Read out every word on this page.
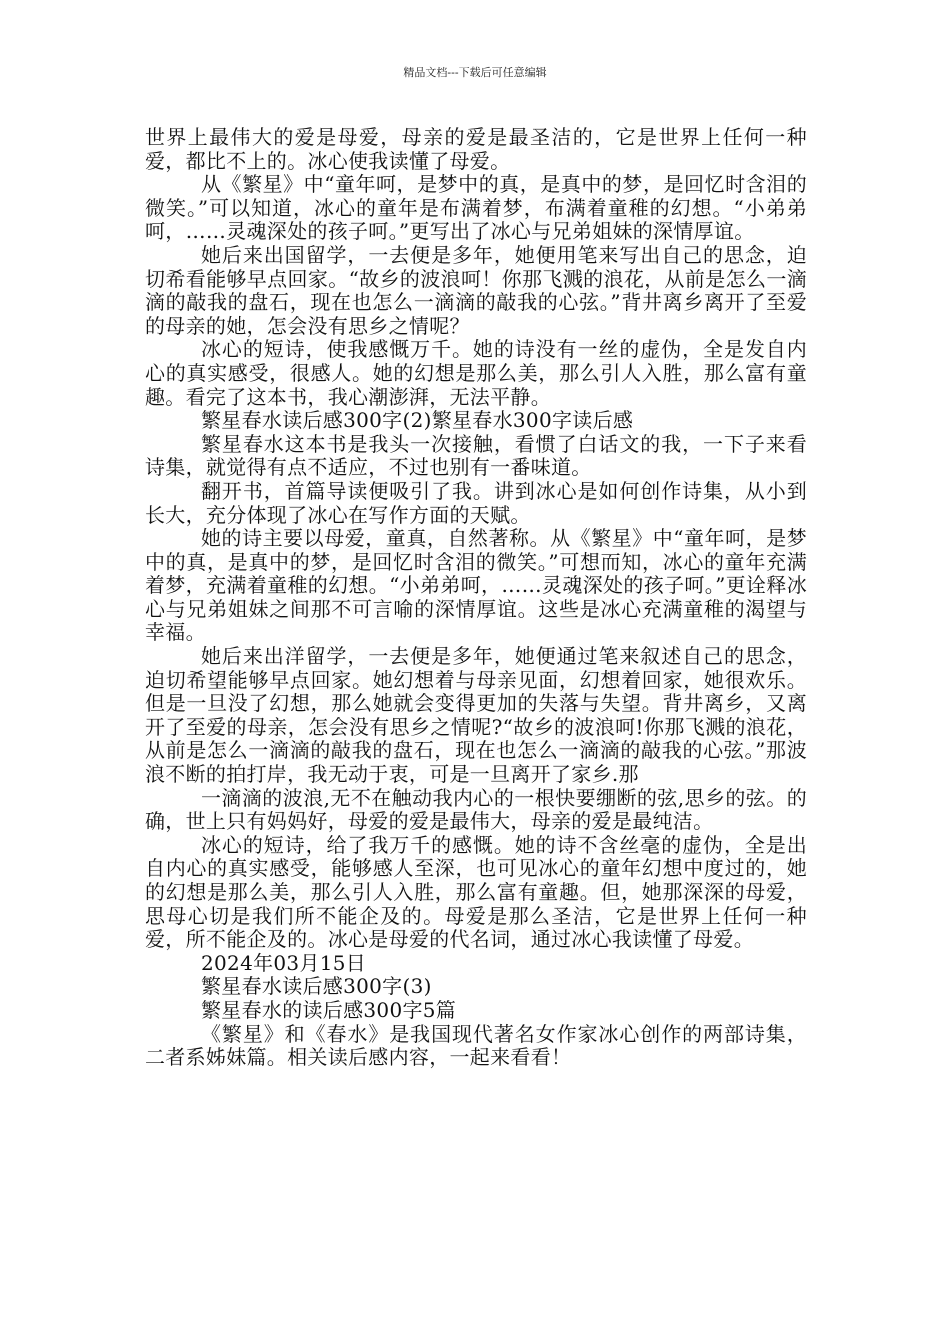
精品文档---下载后可任意编辑

世界上最伟大的爱是母爱，母亲的爱是最圣洁的，它是世界上任何一种爱，都比不上的。冰心使我读懂了母爱。

从《繁星》中“童年呵，是梦中的真，是真中的梦，是回忆时含泪的微笑。”可以知道，冰心的童年是布满着梦，布满着童稚的幻想。“小弟弟呵，……灵魂深处的孩子呵。”更写出了冰心与兄弟姐妹的深情厚谊。

她后来出国留学，一去便是多年，她便用笔来写出自己的思念，迫切希看能够早点回家。“故乡的波浪呵！你那飞溅的浪花，从前是怎么一滴滴的敲我的盘石，现在也怎么一滴滴的敲我的心弦。”背井离乡离开了至爱的母亲的她，怎会没有思乡之情呢？

冰心的短诗，使我感慨万千。她的诗没有一丝的虚伪，全是发自内心的真实感受，很感人。她的幻想是那么美，那么引人入胜，那么富有童趣。看完了这本书，我心潮澎湃，无法平静。

繁星春水读后感300字(2)繁星春水300字读后感

繁星春水这本书是我头一次接触，看惯了白话文的我，一下子来看诗集，就觉得有点不适应，不过也别有一番味道。

翻开书，首篇导读便吸引了我。讲到冰心是如何创作诗集，从小到长大，充分体现了冰心在写作方面的天赋。

她的诗主要以母爱，童真，自然著称。从《繁星》中“童年呵，是梦中的真，是真中的梦，是回忆时含泪的微笑。”可想而知，冰心的童年充满着梦，充满着童稚的幻想。“小弟弟呵，……灵魂深处的孩子呵。”更诠释冰心与兄弟姐妹之间那不可言喻的深情厚谊。这些是冰心充满童稚的渴望与幸福。

她后来出洋留学，一去便是多年，她便通过笔来叙述自己的思念，迫切希望能够早点回家。她幻想着与母亲见面，幻想着回家，她很欢乐。但是一旦没了幻想，那么她就会变得更加的失落与失望。背井离乡，又离开了至爱的母亲，怎会没有思乡之情呢?“故乡的波浪呵!你那飞溅的浪花，从前是怎么一滴滴的敲我的盘石，现在也怎么一滴滴的敲我的心弦。”那波浪不断的拍打岸，我无动于衷，可是一旦离开了家乡.那

一滴滴的波浪,无不在触动我内心的一根快要绷断的弦,思乡的弦。的确，世上只有妈妈好，母爱的爱是最伟大，母亲的爱是最纯洁。

冰心的短诗，给了我万千的感慨。她的诗不含丝毫的虚伪，全是出自内心的真实感受，能够感人至深，也可见冰心的童年幻想中度过的，她的幻想是那么美，那么引人入胜，那么富有童趣。但，她那深深的母爱，思母心切是我们所不能企及的。母爱是那么圣洁，它是世界上任何一种爱，所不能企及的。冰心是母爱的代名词，通过冰心我读懂了母爱。

2024年03月15日

繁星春水读后感300字(3)

繁星春水的读后感300字5篇

《繁星》和《春水》是我国现代著名女作家冰心创作的两部诗集，二者系姊妹篇。相关读后感内容，一起来看看！
